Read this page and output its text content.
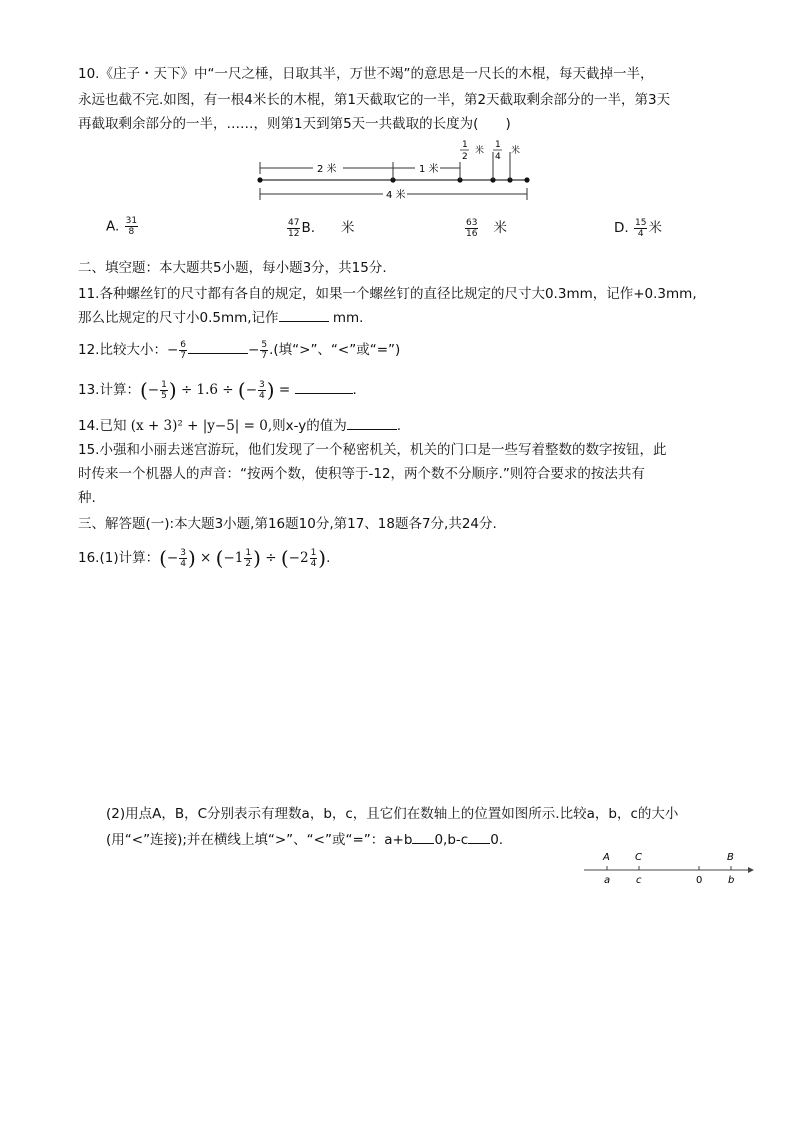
10.《庄子・天下》中“一尺之棰，日取其半，万世不竭”的意思是一尺长的木棍，每天截掉一半，
永远也截不完.如图，有一根4米长的木棍，第1天截取它的一半，第2天截取剩余部分的一半，第3天
再截取剩余部分的一半，……，则第1天到第5天一共截取的长度为(　　)
2 米	1 米
1
2
米
1
4
米
4 米
A. $\frac{31}{8}$	$\frac{47}{12} B$. 米	$\frac{63}{16}$ 米	D. $\frac{15}{4}$ 米
二、填空题：本大题共5小题，每小题3分，共15分.
11.各种螺丝钉的尺寸都有各自的规定，如果一个螺丝钉的直径比规定的尺寸大0.3mm，记作+0.3mm,
那么比规定的尺寸小0.5mm,记作	mm.
12.比较大小：− $\frac{6}{7}$	− $\frac{5}{7}$ .(填“>”、“<”或“=”)
13.计算：(− $\frac{1}{5}$ ) ÷ 1.6 ÷ (− $\frac{3}{4}$ ) =	.
14.已知 (x + 3)² + |y−5| = 0,则x-y的值为	.
15.小强和小丽去迷宫游玩，他们发现了一个秘密机关，机关的门口是一些写着整数的数字按钮，此
时传来一个机器人的声音：“按两个数，使积等于-12，两个数不分顺序.”则符合要求的按法共有
种.
三、解答题(一):本大题3小题,第16题10分,第17、18题各7分,共24分.
16.(1)计算：(− $\frac{3}{4}$ ) × ($-1 \frac{1}{2}$ ) ÷ ($-2 \frac{1}{4}$ ).
(2)用点A，B，C分别表示有理数a，b，c，且它们在数轴上的位置如图所示.比较a，b，c的大小
(用“<”连接);并在横线上填“>”、“<”或“=”：a+b 0,b-c 0.
A	C	B
a	c	0	b
